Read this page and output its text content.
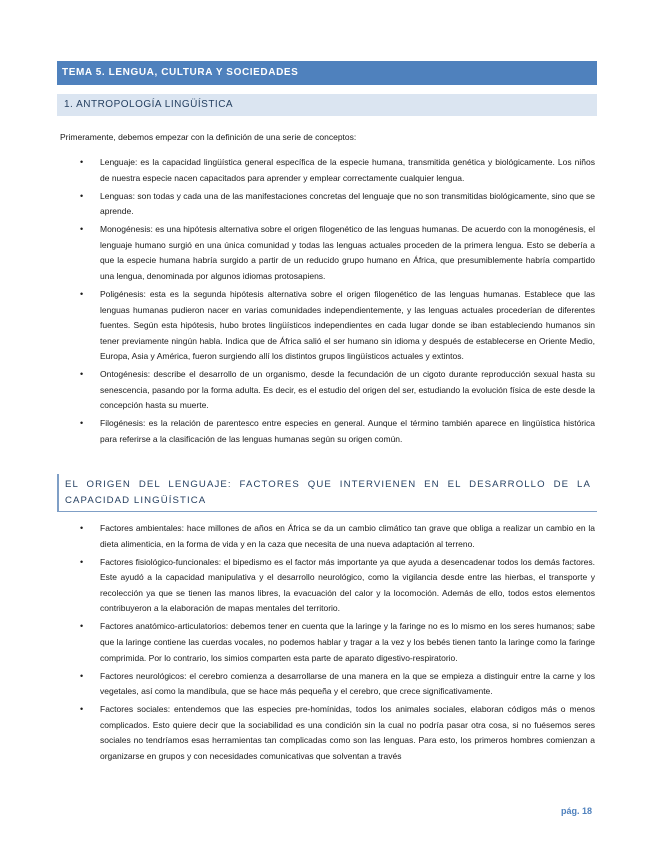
TEMA 5. LENGUA, CULTURA Y SOCIEDADES
1. ANTROPOLOGÍA LINGÜÍSTICA
Primeramente, debemos empezar con la definición de una serie de conceptos:
• Lenguaje: es la capacidad lingüística general específica de la especie humana, transmitida genética y biológicamente. Los niños de nuestra especie nacen capacitados para aprender y emplear correctamente cualquier lengua.
• Lenguas: son todas y cada una de las manifestaciones concretas del lenguaje que no son transmitidas biológicamente, sino que se aprende.
• Monogénesis: es una hipótesis alternativa sobre el origen filogenético de las lenguas humanas. De acuerdo con la monogénesis, el lenguaje humano surgió en una única comunidad y todas las lenguas actuales proceden de la primera lengua. Esto se debería a que la especie humana habría surgido a partir de un reducido grupo humano en África, que presumiblemente habría compartido una lengua, denominada por algunos idiomas protosapiens.
• Poligénesis: esta es la segunda hipótesis alternativa sobre el origen filogenético de las lenguas humanas. Establece que las lenguas humanas pudieron nacer en varias comunidades independientemente, y las lenguas actuales procederían de diferentes fuentes. Según esta hipótesis, hubo brotes lingüísticos independientes en cada lugar donde se iban estableciendo humanos sin tener previamente ningún habla. Indica que de África salió el ser humano sin idioma y después de establecerse en Oriente Medio, Europa, Asia y América, fueron surgiendo allí los distintos grupos lingüísticos actuales y extintos.
• Ontogénesis: describe el desarrollo de un organismo, desde la fecundación de un cigoto durante reproducción sexual hasta su senescencia, pasando por la forma adulta. Es decir, es el estudio del origen del ser, estudiando la evolución física de este desde la concepción hasta su muerte.
• Filogénesis: es la relación de parentesco entre especies en general. Aunque el término también aparece en lingüística histórica para referirse a la clasificación de las lenguas humanas según su origen común.
EL ORIGEN DEL LENGUAJE: FACTORES QUE INTERVIENEN EN EL DESARROLLO DE LA CAPACIDAD LINGÜÍSTICA
• Factores ambientales: hace millones de años en África se da un cambio climático tan grave que obliga a realizar un cambio en la dieta alimenticia, en la forma de vida y en la caza que necesita de una nueva adaptación al terreno.
• Factores fisiológico-funcionales: el bipedismo es el factor más importante ya que ayuda a desencadenar todos los demás factores. Este ayudó a la capacidad manipulativa y el desarrollo neurológico, como la vigilancia desde entre las hierbas, el transporte y recolección ya que se tienen las manos libres, la evacuación del calor y la locomoción. Además de ello, todos estos elementos contribuyeron a la elaboración de mapas mentales del territorio.
• Factores anatómico-articulatorios: debemos tener en cuenta que la laringe y la faringe no es lo mismo en los seres humanos; sabe que la laringe contiene las cuerdas vocales, no podemos hablar y tragar a la vez y los bebés tienen tanto la laringe como la faringe comprimida. Por lo contrario, los simios comparten esta parte de aparato digestivo-respiratorio.
• Factores neurológicos: el cerebro comienza a desarrollarse de una manera en la que se empieza a distinguir entre la carne y los vegetales, así como la mandíbula, que se hace más pequeña y el cerebro, que crece significativamente.
• Factores sociales: entendemos que las especies pre-homínidas, todos los animales sociales, elaboran códigos más o menos complicados. Esto quiere decir que la sociabilidad es una condición sin la cual no podría pasar otra cosa, si no fuésemos seres sociales no tendríamos esas herramientas tan complicadas como son las lenguas. Para esto, los primeros hombres comienzan a organizarse en grupos y con necesidades comunicativas que solventan a través
pág. 18
